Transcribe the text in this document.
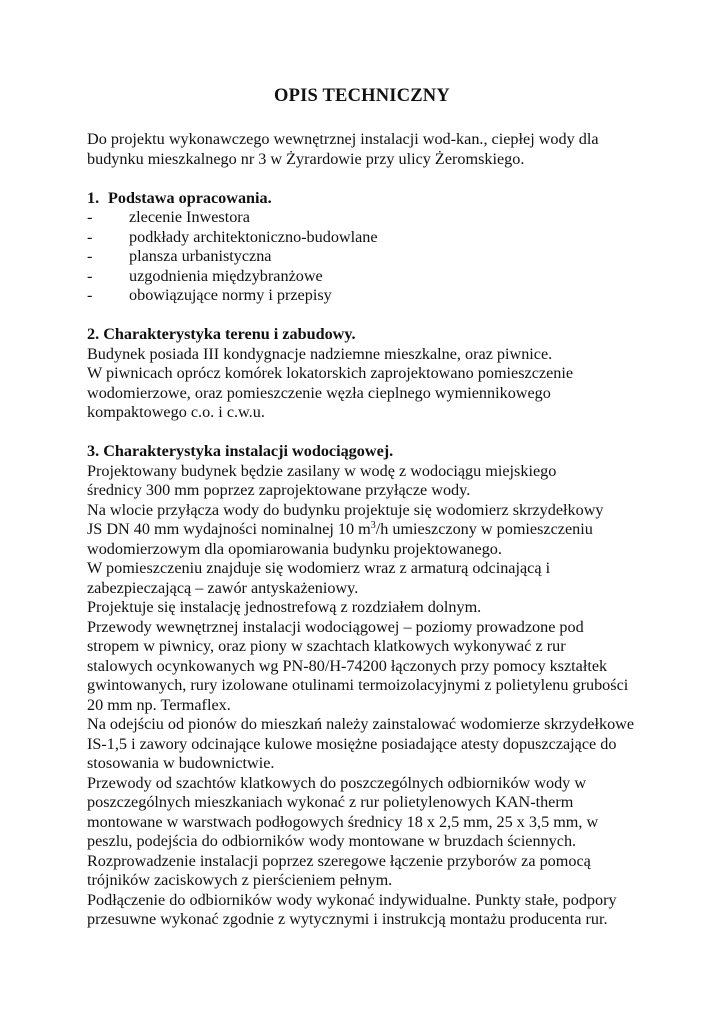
OPIS TECHNICZNY
Do projektu wykonawczego wewnętrznej instalacji wod-kan., ciepłej wody dla
budynku mieszkalnego nr 3 w Żyrardowie przy ulicy Żeromskiego.
1. Podstawa opracowania.
- zlecenie Inwestora
- podkłady architektoniczno-budowlane
- plansza urbanistyczna
- uzgodnienia międzybranżowe
- obowiązujące normy i przepisy
2. Charakterystyka terenu i zabudowy.
Budynek posiada III kondygnacje nadziemne mieszkalne, oraz piwnice.
W piwnicach oprócz komórek lokatorskich zaprojektowano pomieszczenie
wodomierzowe, oraz pomieszczenie węzła cieplnego wymiennikowego
kompaktowego c.o. i c.w.u.
3. Charakterystyka instalacji wodociągowej.
Projektowany budynek będzie zasilany w wodę z wodociągu miejskiego
średnicy 300 mm poprzez zaprojektowane przyłącze wody.
Na wlocie przyłącza wody do budynku projektuje się wodomierz skrzydełkowy
JS DN 40 mm wydajności nominalnej 10 $m^3/h$ umieszczony w pomieszczeniu
wodomierzowym dla opomiarowania budynku projektowanego.
W pomieszczeniu znajduje się wodomierz wraz z armaturą odcinającą i
zabezpieczającą – zawór antyskażeniowy.
Projektuje się instalację jednostrefową z rozdziałem dolnym.
Przewody wewnętrznej instalacji wodociągowej – poziomy prowadzone pod
stropem w piwnicy, oraz piony w szachtach klatkowych wykonywać z rur
stalowych ocynkowanych wg PN-80/H-74200 łączonych przy pomocy kształtek
gwintowanych, rury izolowane otulinami termoizolacyjnymi z polietylenu grubości
20 mm np. Termaflex.
Na odejściu od pionów do mieszkań należy zainstalować wodomierze skrzydełkowe
IS-1,5 i zawory odcinające kulowe mosiężne posiadające atesty dopuszczające do
stosowania w budownictwie.
Przewody od szachtów klatkowych do poszczególnych odbiorników wody w
poszczególnych mieszkaniach wykonać z rur polietylenowych KAN-therm
montowane w warstwach podłogowych średnicy 18 x 2,5 mm, 25 x 3,5 mm, w
peszlu, podejścia do odbiorników wody montowane w bruzdach ściennych.
Rozprowadzenie instalacji poprzez szeregowe łączenie przyborów za pomocą
trójników zaciskowych z pierścieniem pełnym.
Podłączenie do odbiorników wody wykonać indywidualne. Punkty stałe, podpory
przesuwne wykonać zgodnie z wytycznymi i instrukcją montażu producenta rur.
